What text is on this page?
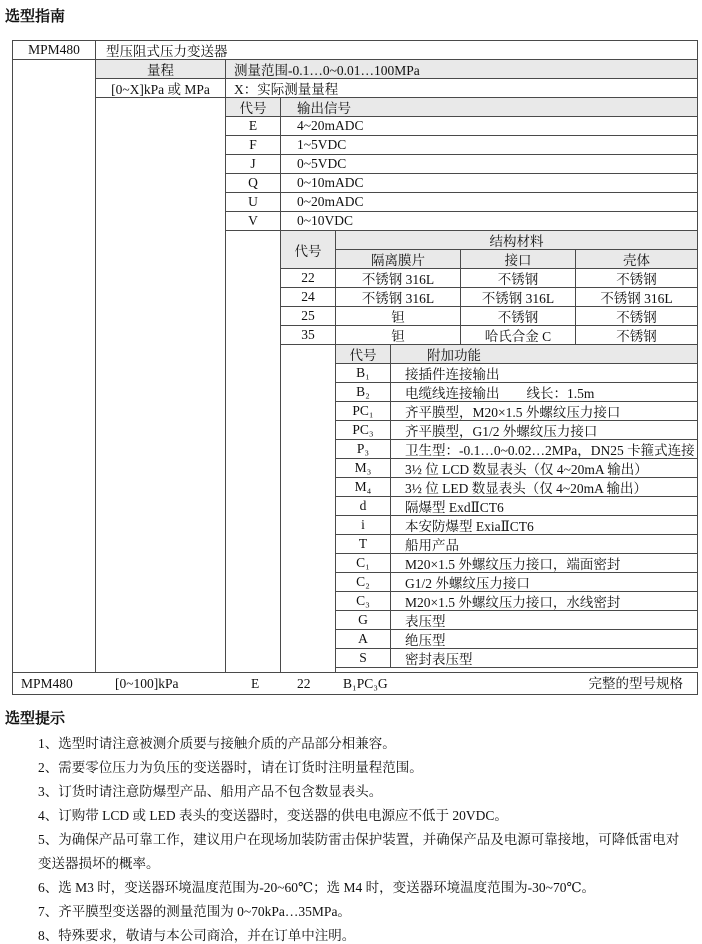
选型指南
MPM480	型压阻式压力变送器
量程	测量范围-0.1…0~0.01…100MPa
[0~X]kPa 或 MPa	X：实际测量量程
代号	输出信号
E	4~20mADC
F	1~5VDC
J	0~5VDC
Q	0~10mADC
U	0~20mADC
V	0~10VDC
代号
结构材料
隔离膜片	接口	壳体
22	不锈钢 316L	不锈钢	不锈钢
24	不锈钢 316L	不锈钢 316L	不锈钢 316L
25	钽	不锈钢	不锈钢
35	钽	哈氏合金 C	不锈钢
代号	附加功能
B₁	接插件连接输出
B₂	电缆线连接输出　　线长：1.5m
PC₁	齐平膜型，M20×1.5 外螺纹压力接口
PC₃	齐平膜型，G1/2 外螺纹压力接口
P₃	卫生型：-0.1…0~0.02…2MPa，DN25 卡箍式连接
M₃	3½ 位 LCD 数显表头（仅 4~20mA 输出）
M₄	3½ 位 LED 数显表头（仅 4~20mA 输出）
d	隔爆型 ExdⅡCT6
i	本安防爆型 ExiaⅡCT6
T	船用产品
C₁	M20×1.5 外螺纹压力接口，端面密封
C₂	G1/2 外螺纹压力接口
C₃	M20×1.5 外螺纹压力接口，水线密封
G	表压型
A	绝压型
S	密封表压型
MPM480	[0~100]kPa	E	22 B₁PC₃G	完整的型号规格
选型提示

1、选型时请注意被测介质要与接触介质的产品部分相兼容。

2、需要零位压力为负压的变送器时，请在订货时注明量程范围。

3、订货时请注意防爆型产品、船用产品不包含数显表头。

4、订购带 LCD 或 LED 表头的变送器时，变送器的供电电源应不低于 20VDC。

5、为确保产品可靠工作，建议用户在现场加装防雷击保护装置，并确保产品及电源可靠接地，可降低雷电对变送器损坏的概率。

6、选 M3 时，变送器环境温度范围为-20~60℃；选 M4 时，变送器环境温度范围为-30~70℃。

7、齐平膜型变送器的测量范围为 0~70kPa…35MPa。

8、特殊要求，敬请与本公司商洽，并在订单中注明。
